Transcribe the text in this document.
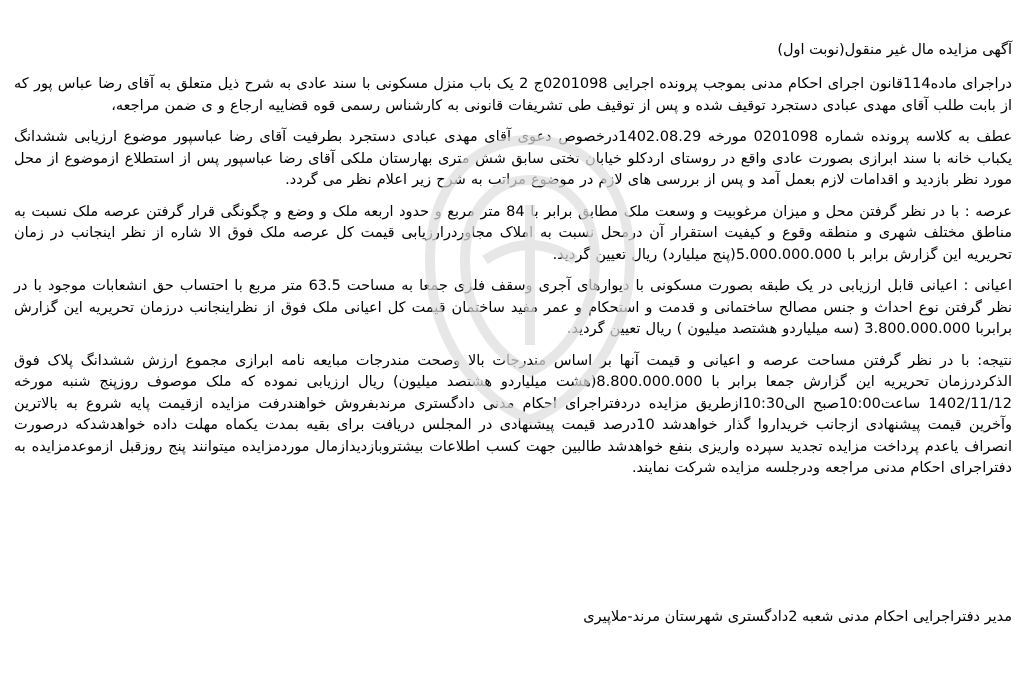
آگهی مزایده مال غیر منقول(نوبت اول)

دراجرای ماده114قانون اجرای احکام مدنی بموجب پرونده اجرایی 0201098ج 2 یک باب منزل مسکونی با سند عادی به شرح ذیل متعلق به آقای رضا عباس پور که از بابت طلب آقای مهدی عبادی دستجرد توقیف شده و پس از توقیف طی تشریفات قانونی به کارشناس رسمی قوه قضاییه ارجاع و ی ضمن مراجعه،

عطف به کلاسه پرونده شماره 0201098 مورخه 1402.08.29درخصوص دعوی آقای مهدی عبادی دستجرد بطرفیت آقای رضا عباسپور موضوع ارزیابی ششدانگ یکباب خانه با سند ابرازی بصورت عادی واقع در روستای اردکلو خیابان تختی سابق شش متری بهارستان ملکی آقای رضا عباسپور پس از استطلاع ازموضوع از محل مورد نظر بازدید و اقدامات لازم بعمل آمد و پس از بررسی های لازم در موضوع مراتب به شرح زیر اعلام نظر می گردد.

عرصه : با در نظر گرفتن محل و میزان مرغوبیت و وسعت ملک مطابق برابر با 84 متر مربع و حدود اربعه ملک و وضع و چگونگی قرار گرفتن عرصه ملک نسبت به مناطق مختلف شهری و منطقه وقوع و کیفیت استقرار آن درمحل نسبت به املاک مجاوردرارزیابی قیمت کل عرصه ملک فوق الا شاره از نظر اینجانب در زمان تحریریه این گزارش برابر با 5.000.000.000(پنج میلیارد) ریال تعیین گردید.

اعیانی : اعیانی قابل ارزیابی در یک طبقه بصورت مسکونی با دیوارهای آجری وسقف فلزی جمعا به مساحت 63.5 متر مربع با احتساب حق انشعابات موجود با در نظر گرفتن نوع احداث و جنس مصالح ساختمانی و قدمت و استحکام و عمر مفید ساختمان قیمت کل اعیانی ملک فوق از نظراینجانب درزمان تحریریه این گزارش برابربا 3.800.000.000 (سه میلیاردو هشتصد میلیون ) ریال تعیین گردید.

نتیجه: با در نظر گرفتن مساحت عرصه و اعیانی و قیمت آنها بر اساس مندرجات بالا وصحت مندرجات مبایعه نامه ابرازی مجموع ارزش ششدانگ پلاک فوق الذکردرزمان تحریریه این گزارش جمعا برابر با 8.800.000.000(هشت میلیاردو هشتصد میلیون) ریال ارزیابی نموده که ملک موصوف روزپنج شنبه مورخه 1402/11/12 ساعت10:00صبح الی10:30ازطریق مزایده دردفتراجرای احکام مدنی دادگستری مرندبفروش خواهندرفت مزایده ازقیمت پایه شروع به بالاترین وآخرین قیمت پیشنهادی ازجانب خریداروا گذار خواهدشد 10درصد قیمت پیشنهادی در المجلس دریافت برای بقیه بمدت یکماه مهلت داده خواهدشدکه درصورت انصراف یاعدم پرداخت مزایده تجدید سپرده واریزی بنفع خواهدشد طالبین جهت کسب اطلاعات بیشتروبازدیدازمال موردمزایده میتوانند پنج روزقبل ازموعدمزایده به دفتراجرای احکام مدنی مراجعه ودرجلسه مزایده شرکت نمایند.

مدیر دفتراجرایی احکام مدنی شعبه 2دادگستری شهرستان مرند-ملاپیری
